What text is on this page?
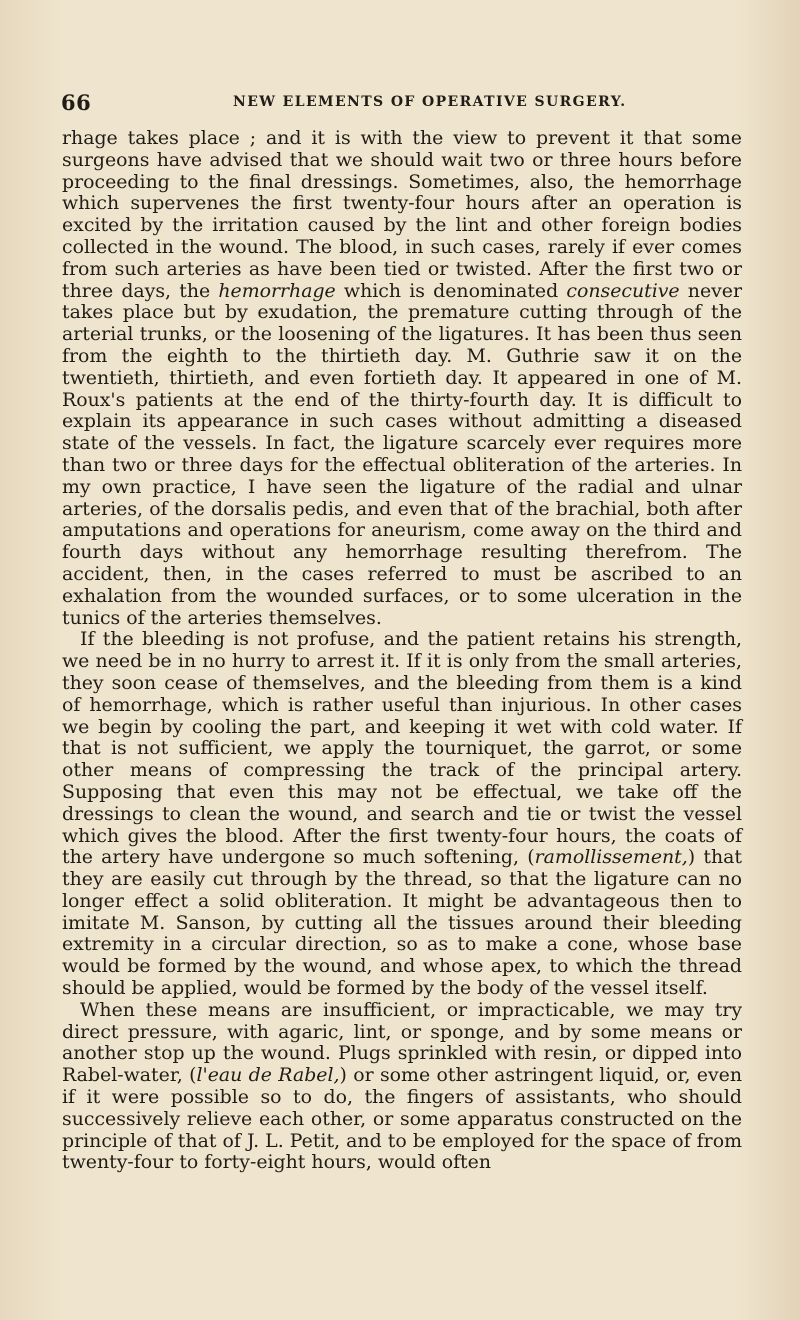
66	NEW ELEMENTS OF OPERATIVE SURGERY.

rhage takes place ; and it is with the view to prevent it that some surgeons have advised that we should wait two or three hours before proceeding to the final dressings. Sometimes, also, the hemorrhage which supervenes the first twenty-four hours after an operation is excited by the irritation caused by the lint and other foreign bodies collected in the wound. The blood, in such cases, rarely if ever comes from such arteries as have been tied or twisted. After the first two or three days, the hemorrhage which is denominated consecutive never takes place but by exudation, the premature cutting through of the arterial trunks, or the loosening of the ligatures. It has been thus seen from the eighth to the thirtieth day. M. Guthrie saw it on the twentieth, thirtieth, and even fortieth day. It appeared in one of M. Roux's patients at the end of the thirty-fourth day. It is difficult to explain its appearance in such cases without admitting a diseased state of the vessels. In fact, the ligature scarcely ever requires more than two or three days for the effectual obliteration of the arteries. In my own practice, I have seen the ligature of the radial and ulnar arteries, of the dorsalis pedis, and even that of the brachial, both after amputations and operations for aneurism, come away on the third and fourth days without any hemorrhage resulting therefrom. The accident, then, in the cases referred to must be ascribed to an exhalation from the wounded surfaces, or to some ulceration in the tunics of the arteries themselves.

If the bleeding is not profuse, and the patient retains his strength, we need be in no hurry to arrest it. If it is only from the small arteries, they soon cease of themselves, and the bleeding from them is a kind of hemorrhage, which is rather useful than injurious. In other cases we begin by cooling the part, and keeping it wet with cold water. If that is not sufficient, we apply the tourniquet, the garrot, or some other means of compressing the track of the principal artery. Supposing that even this may not be effectual, we take off the dressings to clean the wound, and search and tie or twist the vessel which gives the blood. After the first twenty-four hours, the coats of the artery have undergone so much softening, (ramollissement,) that they are easily cut through by the thread, so that the ligature can no longer effect a solid obliteration. It might be advantageous then to imitate M. Sanson, by cutting all the tissues around their bleeding extremity in a circular direction, so as to make a cone, whose base would be formed by the wound, and whose apex, to which the thread should be applied, would be formed by the body of the vessel itself.

When these means are insufficient, or impracticable, we may try direct pressure, with agaric, lint, or sponge, and by some means or another stop up the wound. Plugs sprinkled with resin, or dipped into Rabel-water, (l'eau de Rabel,) or some other astringent liquid, or, even if it were possible so to do, the fingers of assistants, who should successively relieve each other, or some apparatus constructed on the principle of that of J. L. Petit, and to be employed for the space of from twenty-four to forty-eight hours, would often
